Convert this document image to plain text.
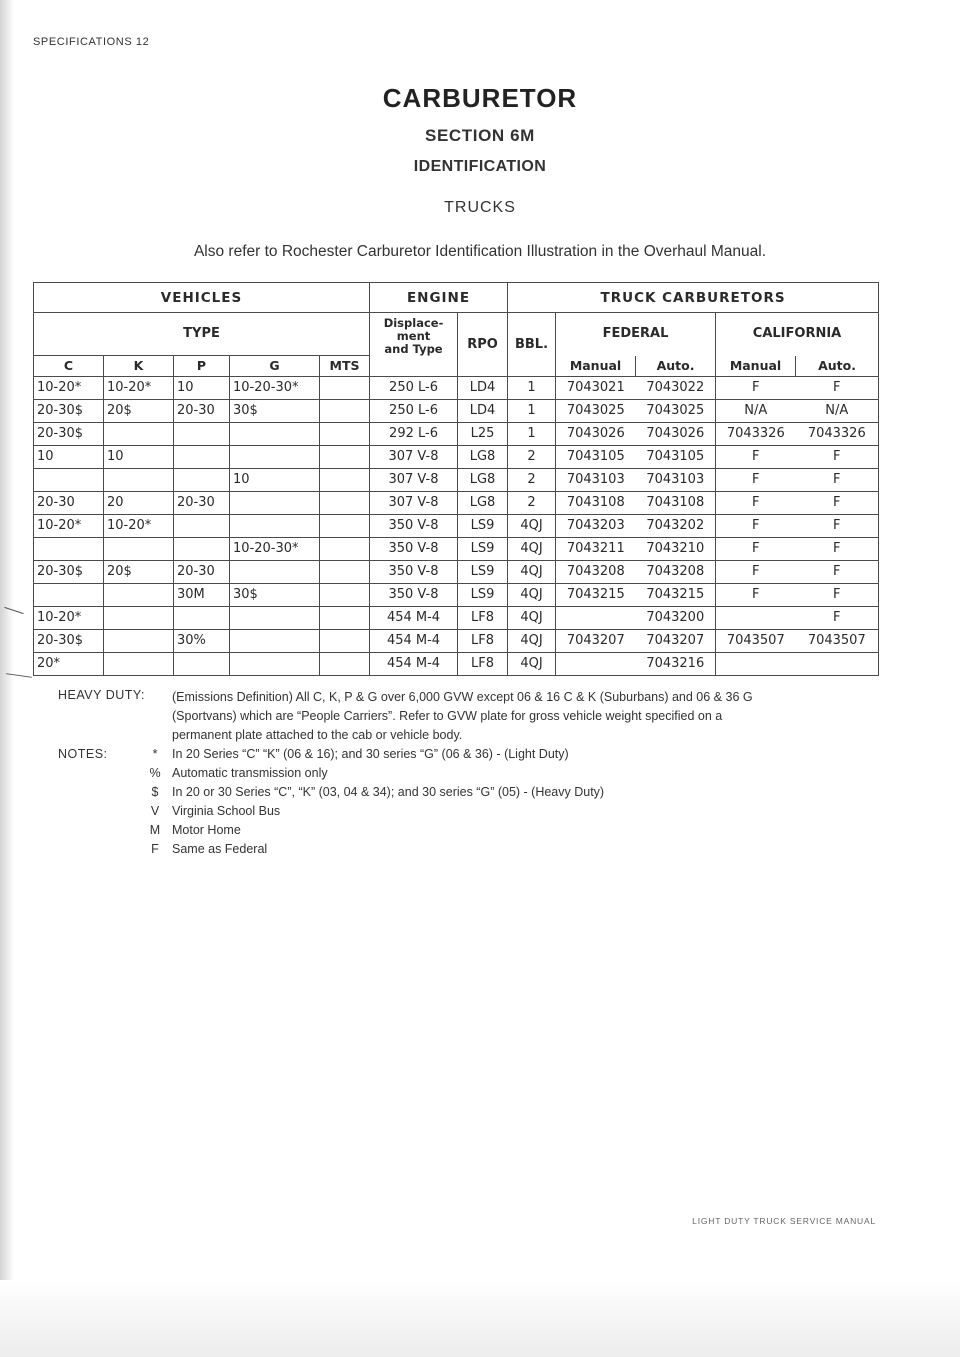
SPECIFICATIONS 12
CARBURETOR
SECTION 6M
IDENTIFICATION
TRUCKS
Also refer to Rochester Carburetor Identification Illustration in the Overhaul Manual.
VEHICLES					ENGINE		TRUCK CARBURETORS				
TYPE					Displace-
ment
and Type	RPO	BBL.	FEDERAL		CALIFORNIA	
C	K	P	G	MTS				Manual	Auto.	Manual	Auto.
10-20*	10-20*	10	10-20-30*		250 L-6	LD4	1	7043021	7043022	F	F
20-30$	20$	20-30	30$		250 L-6	LD4	1	7043025	7043025	N/A	N/A
20-30$					292 L-6	L25	1	7043026	7043026	7043326	7043326
10	10				307 V-8	LG8	2	7043105	7043105	F	F
			10		307 V-8	LG8	2	7043103	7043103	F	F
20-30	20	20-30			307 V-8	LG8	2	7043108	7043108	F	F
10-20*	10-20*				350 V-8	LS9	4QJ	7043203	7043202	F	F
			10-20-30*		350 V-8	LS9	4QJ	7043211	7043210	F	F
20-30$	20$	20-30			350 V-8	LS9	4QJ	7043208	7043208	F	F
		30M	30$		350 V-8	LS9	4QJ	7043215	7043215	F	F
10-20*					454 M-4	LF8	4QJ		7043200		F
20-30$		30%			454 M-4	LF8	4QJ	7043207	7043207	7043507	7043507
20*					454 M-4	LF8	4QJ		7043216		
HEAVY DUTY: (Emissions Definition) All C, K, P & G over 6,000 GVW except 06 & 16 C & K (Suburbans) and 06 & 36 G
(Sportvans) which are “People Carriers”. Refer to GVW plate for gross vehicle weight specified on a
permanent plate attached to the cab or vehicle body.
NOTES:	*	In 20 Series “C” “K” (06 & 16); and 30 series “G” (06 & 36) - (Light Duty)
% Automatic transmission only
$ In 20 or 30 Series “C”, “K” (03, 04 & 34); and 30 series “G” (05) - (Heavy Duty)
V Virginia School Bus
M Motor Home
F Same as Federal
LIGHT DUTY TRUCK SERVICE MANUAL
